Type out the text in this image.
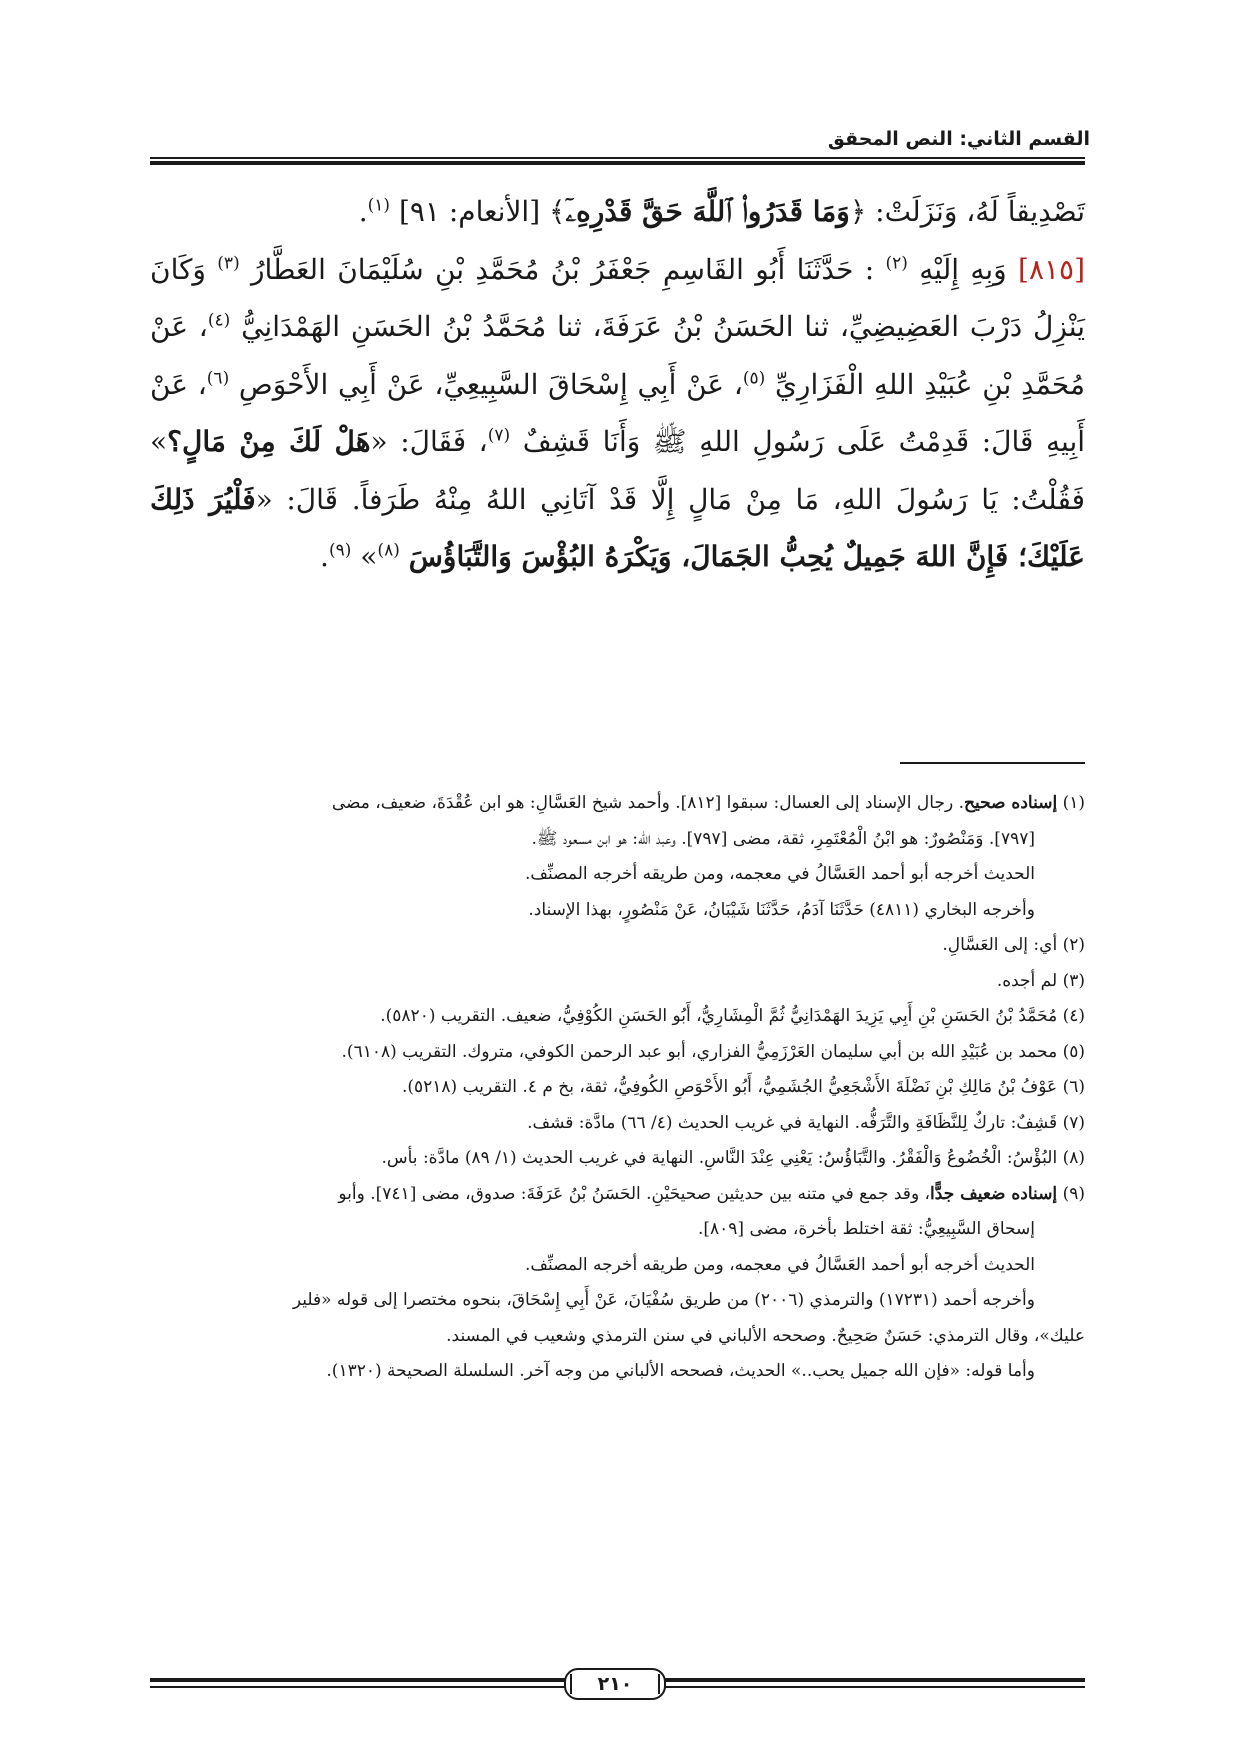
القسم الثاني: النص المحقق

تَصْدِيقاً لَهُ، وَنَزَلَتْ: ﴿وَمَا قَدَرُوا۟ ٱللَّهَ حَقَّ قَدْرِهِۦٓ﴾ [الأنعام: ٩١] $^{(١)}$.

[٨١٥] وَبِهِ إِلَيْهِ $^{(٢)}$ : حَدَّثَنَا أَبُو القَاسِمِ جَعْفَرُ بْنُ مُحَمَّدِ بْنِ سُلَيْمَانَ العَطَّارُ $^{(٣)}$ وَكَانَ يَنْزِلُ دَرْبَ العَضِيضِيِّ، ثنا الحَسَنُ بْنُ عَرَفَةَ، ثنا مُحَمَّدُ بْنُ الحَسَنِ الهَمْدَانِيُّ $^{(٤)}$، عَنْ مُحَمَّدِ بْنِ عُبَيْدِ اللهِ الْفَزَارِيِّ $^{(٥)}$، عَنْ أَبِي إِسْحَاقَ السَّبِيعِيِّ، عَنْ أَبِي الأَحْوَصِ $^{(٦)}$، عَنْ أَبِيهِ قَالَ: قَدِمْتُ عَلَى رَسُولِ اللهِ ﷺ وَأَنَا قَشِفٌ $^{(٧)}$، فَقَالَ: «هَلْ لَكَ مِنْ مَالٍ؟» فَقُلْتُ: يَا رَسُولَ اللهِ، مَا مِنْ مَالٍ إِلَّا قَدْ آتَانِي اللهُ مِنْهُ طَرَفاً. قَالَ: «فَلْيُرَ ذَلِكَ عَلَيْكَ؛ فَإِنَّ اللهَ جَمِيلٌ يُحِبُّ الجَمَالَ، وَيَكْرَهُ البُؤْسَ وَالتَّبَاؤُسَ $^{(٨)}$» $^{(٩)}$.

(١) إسناده صحيح. رجال الإسناد إلى العسال: سبقوا [٨١٢]. وأحمد شيخ العَسَّالِ: هو ابن عُقْدَةَ، ضعيف، مضى

[٧٩٧]. وَمَنْصُورٌ: هو ابْنُ الْمُعْتَمِرِ، ثقة، مضى [٧٩٧]. وعبد الله: هو ابن مسعود ﷺ.

الحديث أخرجه أبو أحمد العَسَّالُ في معجمه، ومن طريقه أخرجه المصنِّف.

وأخرجه البخاري (٤٨١١) حَدَّثَنَا آدَمُ، حَدَّثَنَا شَيْبَانُ، عَنْ مَنْصُورٍ، بهذا الإسناد.

(٢) أي: إلى العَسَّالِ.

(٣) لم أجده.

(٤) مُحَمَّدُ بْنُ الحَسَنِ بْنِ أَبِي يَزِيدَ الهَمْدَانِيُّ ثُمَّ الْمِشَارِيُّ، أَبُو الحَسَنِ الكُوْفِيُّ، ضعيف. التقريب (٥٨٢٠).

(٥) محمد بن عُبَيْدِ الله بن أبي سليمان العَرْزَمِيُّ الفزاري، أبو عبد الرحمن الكوفي، متروك. التقريب (٦١٠٨).

(٦) عَوْفُ بْنُ مَالِكِ بْنِ نَضْلَةَ الأَشْجَعِيُّ الجُشَمِيُّ، أَبُو الأَحْوَصِ الكُوفِيُّ، ثقة، بخ م ٤. التقريب (٥٢١٨).

(٧) قَشِفٌ: تاركٌ لِلنَّظَافَةِ والتَّرَفُّه. النهاية في غريب الحديث (٤/ ٦٦) مادَّة: قشف.

(٨) البُؤْسُ: الْخُضُوعُ وَالْفَقْرُ. والتَّبَاؤُسُ: يَعْنِي عِنْدَ النَّاسِ. النهاية في غريب الحديث (١/ ٨٩) مادَّة: بأس.

(٩) إسناده ضعيف جدًّا، وقد جمع في متنه بين حديثين صحيحَيْنِ. الحَسَنُ بْنُ عَرَفَةَ: صدوق، مضى [٧٤١]. وأبو

إسحاق السَّبِيعِيُّ: ثقة اختلط بأخرة، مضى [٨٠٩].

الحديث أخرجه أبو أحمد العَسَّالُ في معجمه، ومن طريقه أخرجه المصنِّف.

وأخرجه أحمد (١٧٢٣١) والترمذي (٢٠٠٦) من طريق سُفْيَانَ، عَنْ أَبِي إِسْحَاقَ، بنحوه مختصرا إلى قوله «فلير

عليك»، وقال الترمذي: حَسَنٌ صَحِيحٌ. وصححه الألباني في سنن الترمذي وشعيب في المسند.

وأما قوله: «فإن الله جميل يحب..» الحديث، فصححه الألباني من وجه آخر. السلسلة الصحيحة (١٣٢٠).

٢١٠
